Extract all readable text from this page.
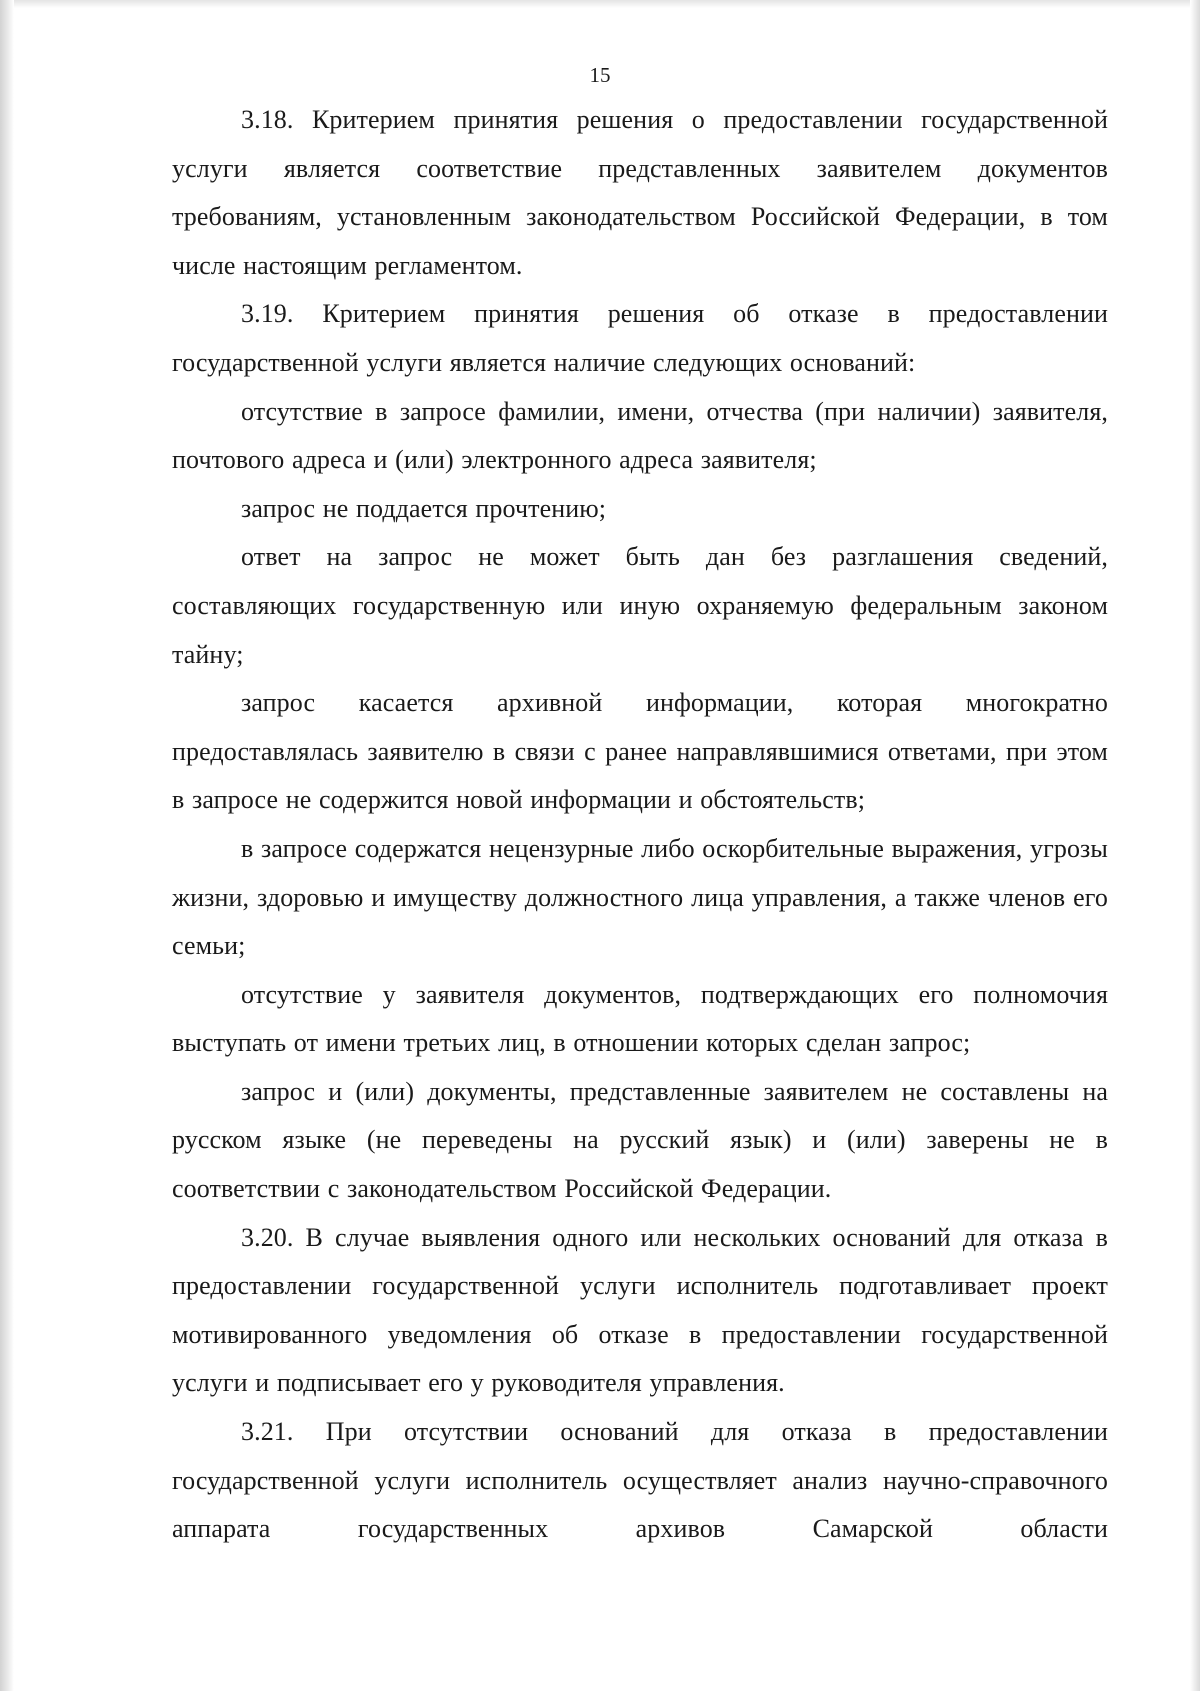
15

3.18. Критерием принятия решения о предоставлении государственной услуги является соответствие представленных заявителем документов требованиям, установленным законодательством Российской Федерации, в том числе настоящим регламентом.

3.19. Критерием принятия решения об отказе в предоставлении государственной услуги является наличие следующих оснований:

отсутствие в запросе фамилии, имени, отчества (при наличии) заявителя, почтового адреса и (или) электронного адреса заявителя;

запрос не поддается прочтению;

ответ на запрос не может быть дан без разглашения сведений, составляющих государственную или иную охраняемую федеральным законом тайну;

запрос касается архивной информации, которая многократно предоставлялась заявителю в связи с ранее направлявшимися ответами, при этом в запросе не содержится новой информации и обстоятельств;

в запросе содержатся нецензурные либо оскорбительные выражения, угрозы жизни, здоровью и имуществу должностного лица управления, а также членов его семьи;

отсутствие у заявителя документов, подтверждающих его полномочия выступать от имени третьих лиц, в отношении которых сделан запрос;

запрос и (или) документы, представленные заявителем не составлены на русском языке (не переведены на русский язык) и (или) заверены не в соответствии с законодательством Российской Федерации.

3.20. В случае выявления одного или нескольких оснований для отказа в предоставлении государственной услуги исполнитель подготавливает проект мотивированного уведомления об отказе в предоставлении государственной услуги и подписывает его у руководителя управления.

3.21. При отсутствии оснований для отказа в предоставлении государственной услуги исполнитель осуществляет анализ научно-справочного аппарата государственных архивов Самарской области
